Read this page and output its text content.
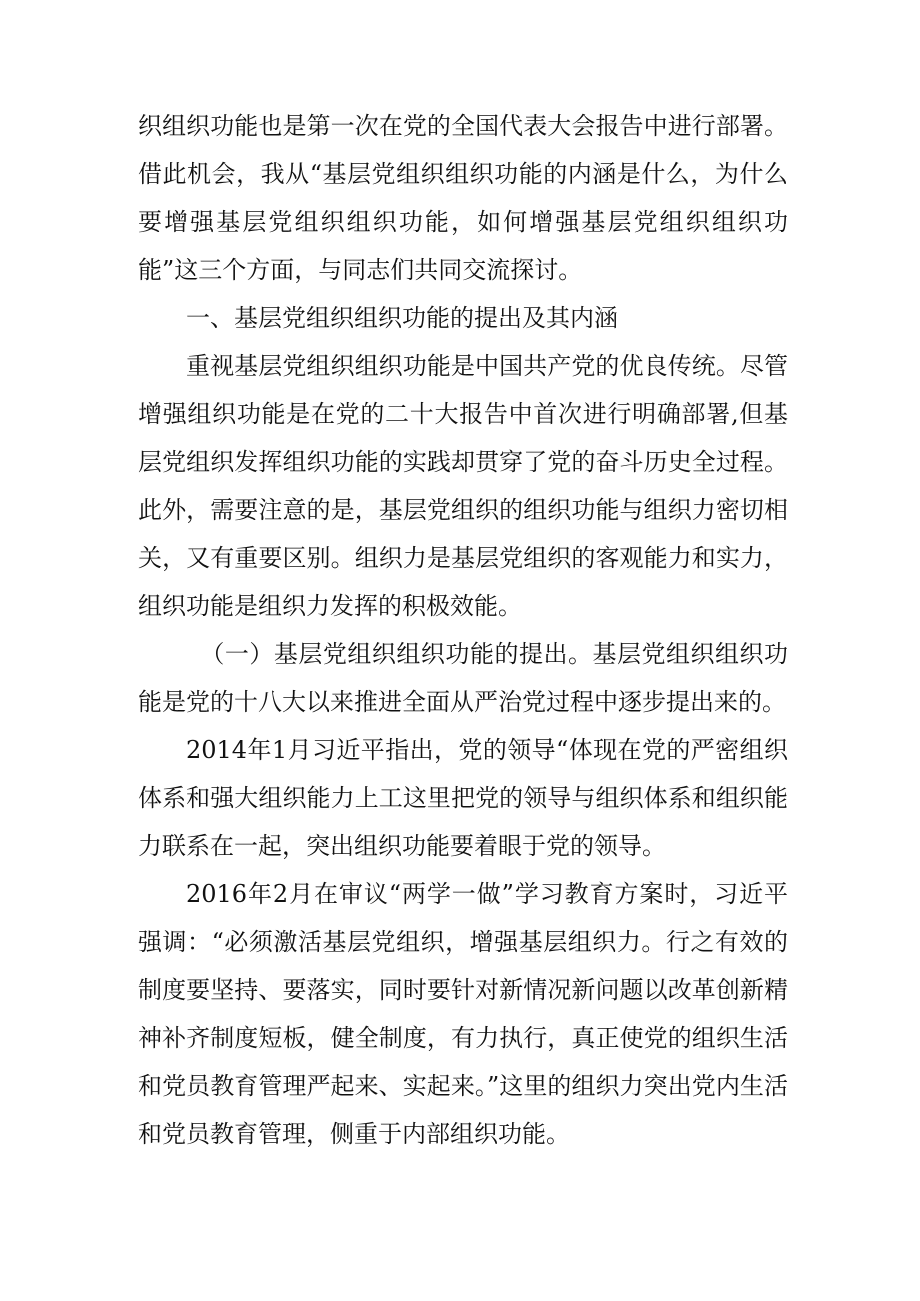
织组织功能也是第一次在党的全国代表大会报告中进行部署。借此机会，我从“基层党组织组织功能的内涵是什么，为什么要增强基层党组织组织功能，如何增强基层党组织组织功能”这三个方面，与同志们共同交流探讨。

一、基层党组织组织功能的提出及其内涵

重视基层党组织组织功能是中国共产党的优良传统。尽管增强组织功能是在党的二十大报告中首次进行明确部署,但基层党组织发挥组织功能的实践却贯穿了党的奋斗历史全过程。此外，需要注意的是，基层党组织的组织功能与组织力密切相关，又有重要区别。组织力是基层党组织的客观能力和实力，组织功能是组织力发挥的积极效能。

（一）基层党组织组织功能的提出。基层党组织组织功能是党的十八大以来推进全面从严治党过程中逐步提出来的。

2014年1月习近平指出，党的领导“体现在党的严密组织体系和强大组织能力上工这里把党的领导与组织体系和组织能力联系在一起，突出组织功能要着眼于党的领导。

2016年2月在审议“两学一做”学习教育方案时，习近平强调：“必须激活基层党组织，增强基层组织力。行之有效的制度要坚持、要落实，同时要针对新情况新问题以改革创新精神补齐制度短板，健全制度，有力执行，真正使党的组织生活和党员教育管理严起来、实起来。”这里的组织力突出党内生活和党员教育管理，侧重于内部组织功能。
